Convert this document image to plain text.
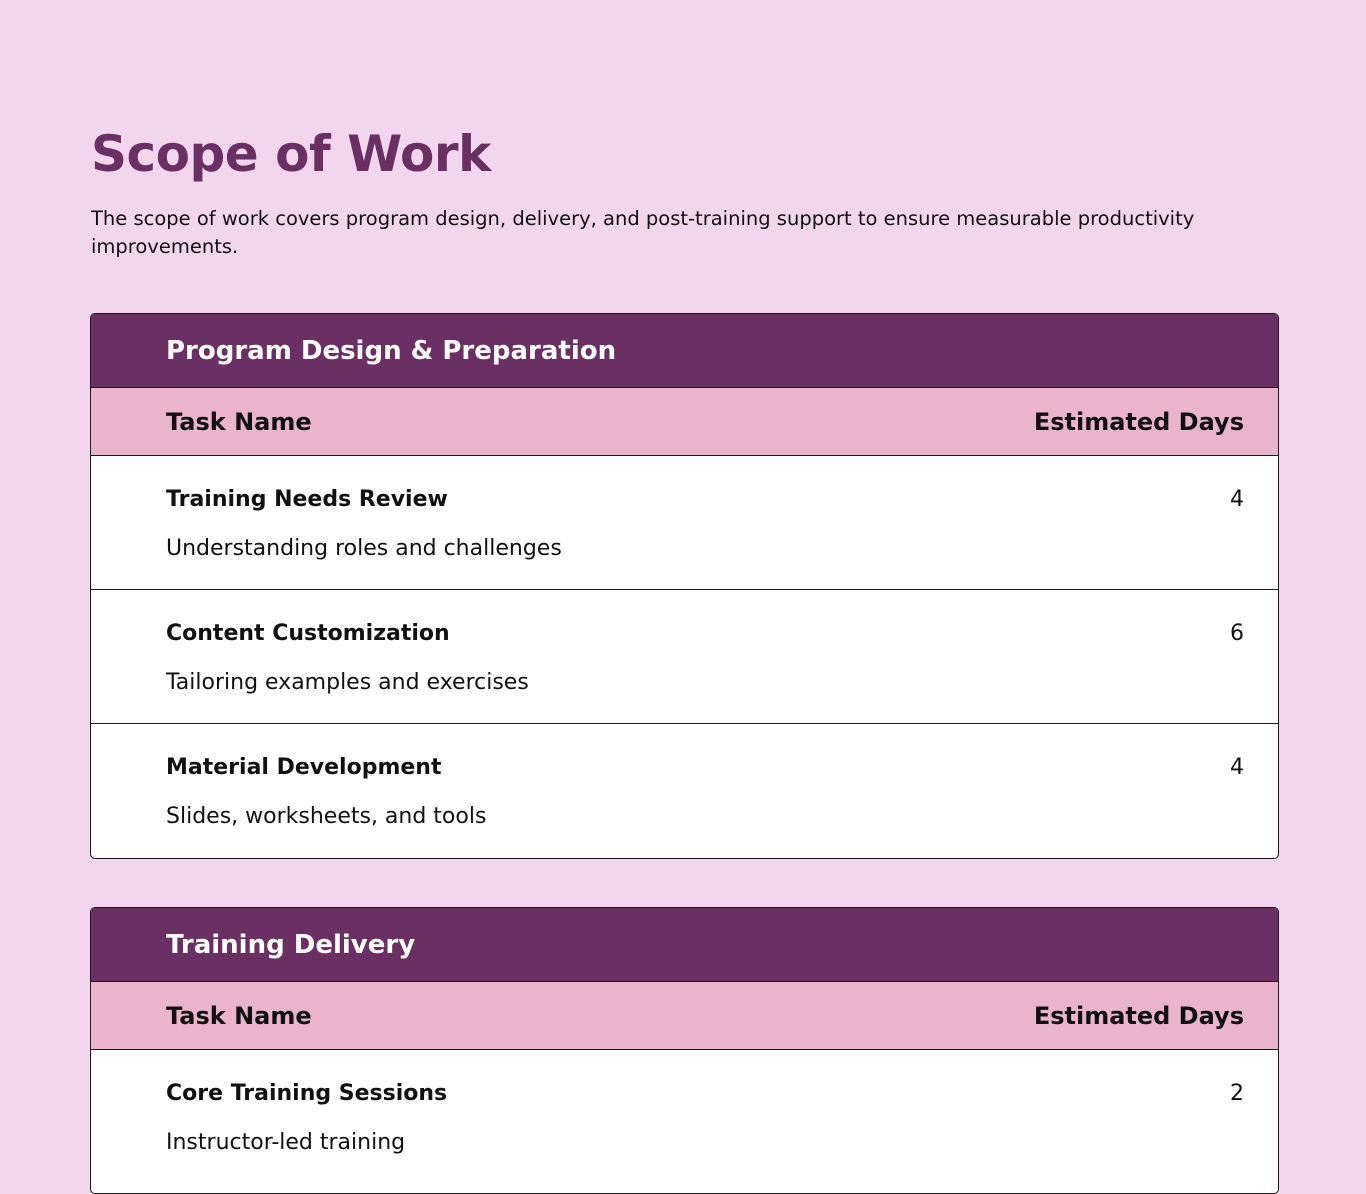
Scope of Work

The scope of work covers program design, delivery, and post-training support to ensure measurable productivity improvements.

Program Design & Preparation
Task Name	Estimated Days
Training Needs Review	4
Understanding roles and challenges
Content Customization	6
Tailoring examples and exercises
Material Development	4
Slides, worksheets, and tools
Training Delivery
Task Name	Estimated Days
Core Training Sessions	2
Instructor-led training
